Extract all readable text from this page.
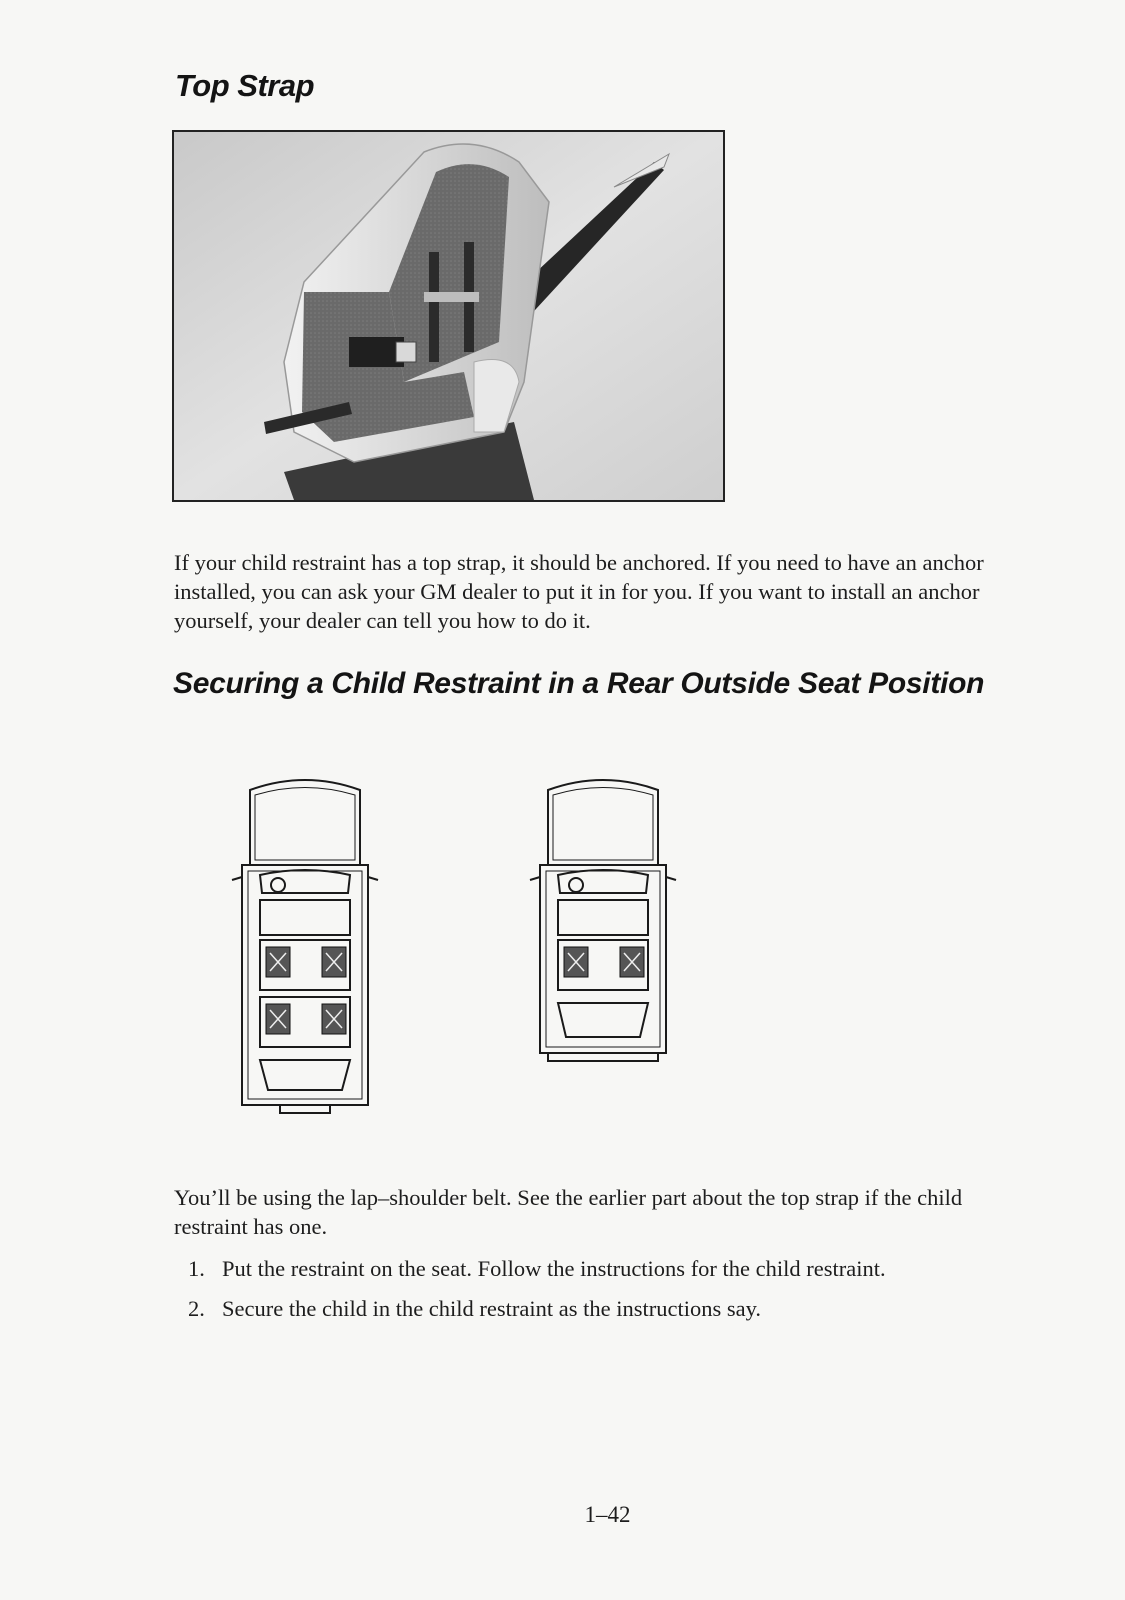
Top Strap

If your child restraint has a top strap, it should be anchored. If you need to have an anchor installed, you can ask your GM dealer to put it in for you. If you want to install an anchor yourself, your dealer can tell you how to do it.

Securing a Child Restraint in a Rear Outside Seat Position

You’ll be using the lap–shoulder belt. See the earlier part about the top strap if the child restraint has one.

1. Put the restraint on the seat. Follow the instructions for the child restraint.
2. Secure the child in the child restraint as the instructions say.
1–42
